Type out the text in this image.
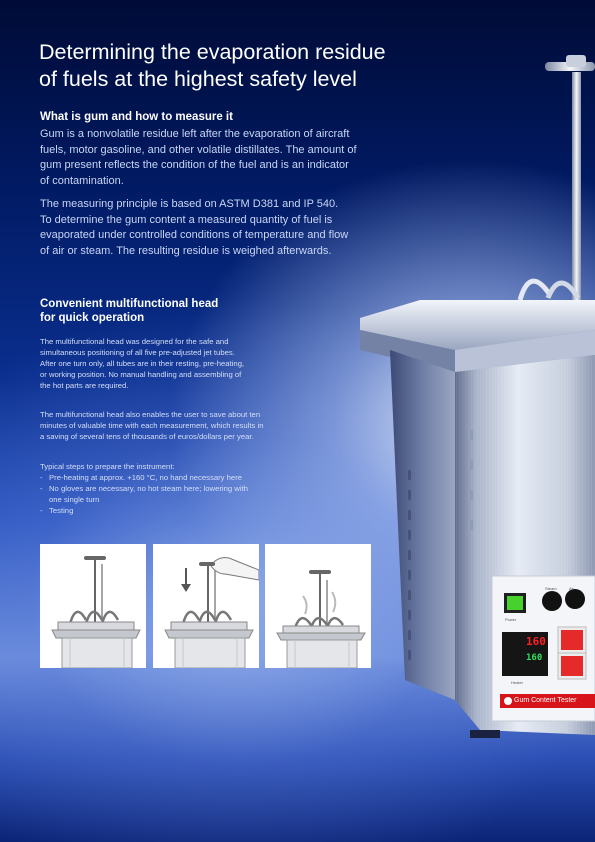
160
160
Gum Content Tester
Power
Heater
Steam	Air
Determining the evaporation residue
of fuels at the highest safety level
What is gum and how to measure it
Gum is a nonvolatile residue left after the evaporation of aircraft
fuels, motor gasoline, and other volatile distillates. The amount of
gum present reflects the condition of the fuel and is an indicator
of contamination.
The measuring principle is based on ASTM D381 and IP 540.
To determine the gum content a measured quantity of fuel is
evaporated under controlled conditions of temperature and flow
of air or steam. The resulting residue is weighed afterwards.
Convenient multifunctional head
for quick operation
The multifunctional head was designed for the safe and
simultaneous positioning of all five pre-adjusted jet tubes.
After one turn only, all tubes are in their resting, pre-heating,
or working position. No manual handling and assembling of
the hot parts are required.
The multifunctional head also enables the user to save about ten
minutes of valuable time with each measurement, which results in
a saving of several tens of thousands of euros/dollars per year.
Typical steps to prepare the instrument:
- Pre-heating at approx. +160 °C, no hand necessary here
- No gloves are necessary, no hot steam here; lowering with
one single turn
- Testing
